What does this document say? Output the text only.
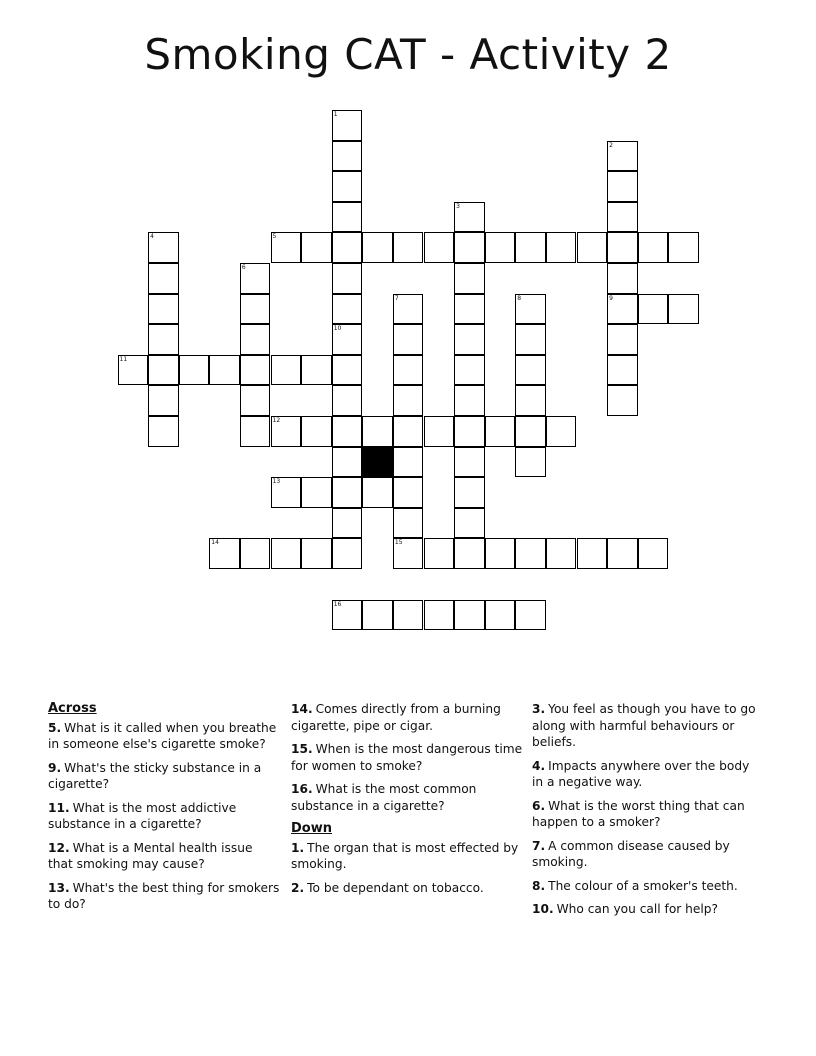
Smoking CAT - Activity 2
1
10
2
9
3
4	5
6
7
15
8
11
12
13
14
16
Across
5. What is it called when you breathe in someone else's cigarette smoke?
9. What's the sticky substance in a cigarette?
11. What is the most addictive substance in a cigarette?
12. What is a Mental health issue that smoking may cause?
13. What's the best thing for smokers to do?
14. Comes directly from a burning cigarette, pipe or cigar.
15. When is the most dangerous time for women to smoke?
16. What is the most common substance in a cigarette?
Down
1. The organ that is most effected by smoking.
2. To be dependant on tobacco.
3. You feel as though you have to go along with harmful behaviours or beliefs.
4. Impacts anywhere over the body in a negative way.
6. What is the worst thing that can happen to a smoker?
7. A common disease caused by smoking.
8. The colour of a smoker's teeth.
10. Who can you call for help?
